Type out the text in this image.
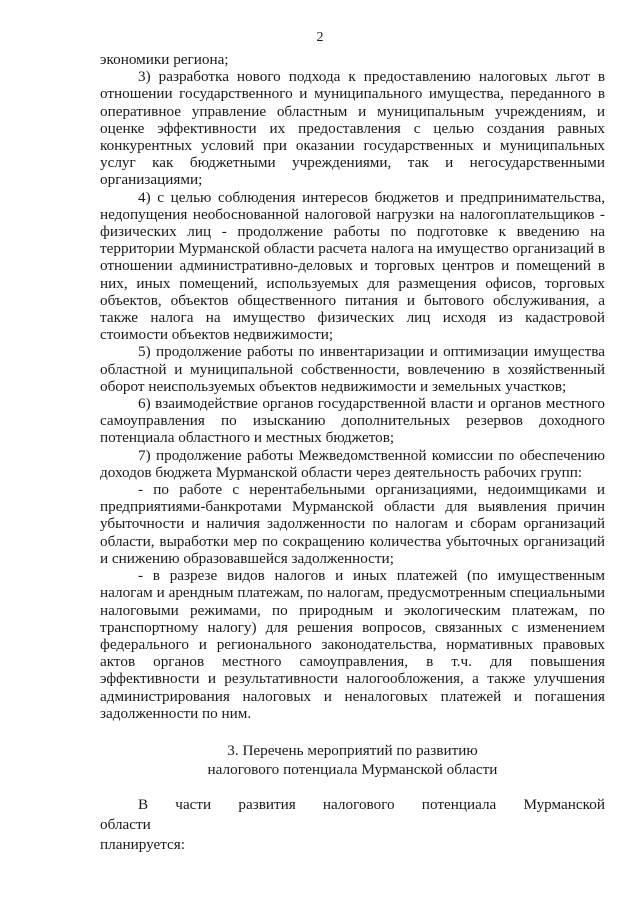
2

экономики региона;

3) разработка нового подхода к предоставлению налоговых льгот в отношении государственного и муниципального имущества, переданного в оперативное управление областным и муниципальным учреждениям, и оценке эффективности их предоставления с целью создания равных конкурентных условий при оказании государственных и муниципальных услуг как бюджетными учреждениями, так и негосударственными организациями;

4) с целью соблюдения интересов бюджетов и предпринимательства, недопущения необоснованной налоговой нагрузки на налогоплательщиков - физических лиц - продолжение работы по подготовке к введению на территории Мурманской области расчета налога на имущество организаций в отношении административно-деловых и торговых центров и помещений в них, иных помещений, используемых для размещения офисов, торговых объектов, объектов общественного питания и бытового обслуживания, а также налога на имущество физических лиц исходя из кадастровой стоимости объектов недвижимости;

5) продолжение работы по инвентаризации и оптимизации имущества областной и муниципальной собственности, вовлечению в хозяйственный оборот неиспользуемых объектов недвижимости и земельных участков;

6) взаимодействие органов государственной власти и органов местного самоуправления по изысканию дополнительных резервов доходного потенциала областного и местных бюджетов;

7) продолжение работы Межведомственной комиссии по обеспечению доходов бюджета Мурманской области через деятельность рабочих групп:

- по работе с нерентабельными организациями, недоимщиками и предприятиями-банкротами Мурманской области для выявления причин убыточности и наличия задолженности по налогам и сборам организаций области, выработки мер по сокращению количества убыточных организаций и снижению образовавшейся задолженности;

- в разрезе видов налогов и иных платежей (по имущественным налогам и арендным платежам, по налогам, предусмотренным специальными налоговыми режимами, по природным и экологическим платежам, по транспортному налогу) для решения вопросов, связанных с изменением федерального и регионального законодательства, нормативных правовых актов органов местного самоуправления, в т.ч. для повышения эффективности и результативности налогообложения, а также улучшения администрирования налоговых и неналоговых платежей и погашения задолженности по ним.

3. Перечень мероприятий по развитию
налогового потенциала Мурманской области
В части развития налогового потенциала Мурманской области
планируется:
